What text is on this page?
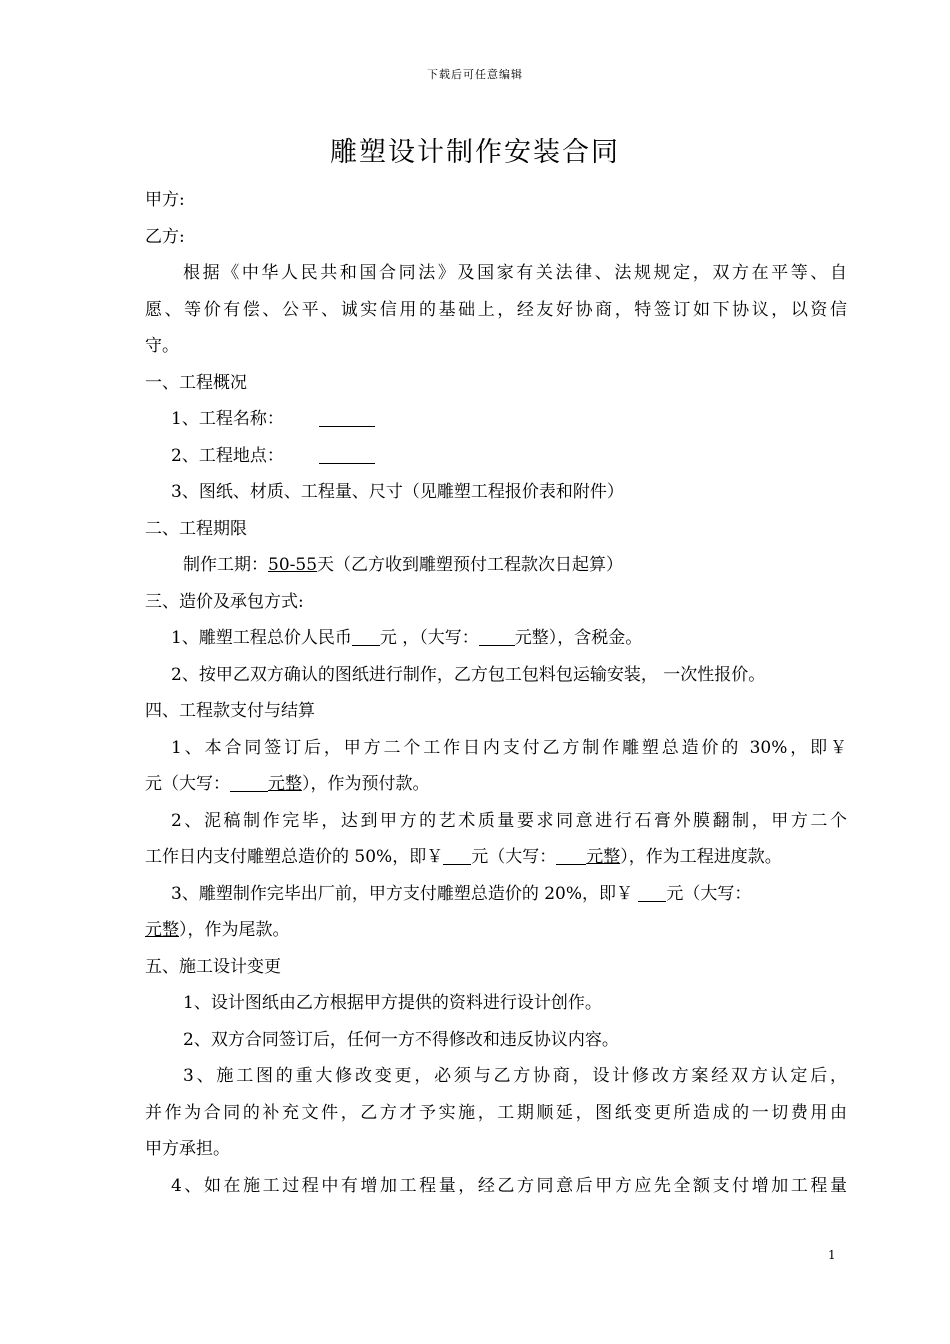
下载后可任意编辑
雕塑设计制作安装合同
甲方:
乙方:
根据《中华人民共和国合同法》及国家有关法律、法规规定，双方在平等、自
愿、等价有偿、公平、诚实信用的基础上，经友好协商，特签订如下协议，以资信
守。
一、工程概况
1、工程名称：
2、工程地点：
3、图纸、材质、工程量、尺寸（见雕塑工程报价表和附件）
二、工程期限
制作工期：50-55天（乙方收到雕塑预付工程款次日起算）
三、造价及承包方式:
1、雕塑工程总价人民币 元 ，（大写： 元整），含税金。
2、按甲乙双方确认的图纸进行制作，乙方包工包料包运输安装， 一次性报价。
四、工程款支付与结算
1、本合同签订后，甲方二个工作日内支付乙方制作雕塑总造价的 30%，即￥
元（大写： 元整），作为预付款。
2、泥稿制作完毕，达到甲方的艺术质量要求同意进行石膏外膜翻制，甲方二个
工作日内支付雕塑总造价的 50%，即￥ 元（大写： 元整），作为工程进度款。
3、雕塑制作完毕出厂前，甲方支付雕塑总造价的 20%，即￥ 元（大写：
元整），作为尾款。
五、施工设计变更
1、设计图纸由乙方根据甲方提供的资料进行设计创作。
2、双方合同签订后，任何一方不得修改和违反协议内容。
3、施工图的重大修改变更，必须与乙方协商，设计修改方案经双方认定后，
并作为合同的补充文件，乙方才予实施，工期顺延，图纸变更所造成的一切费用由
甲方承担。
4、如在施工过程中有增加工程量，经乙方同意后甲方应先全额支付增加工程量
1
